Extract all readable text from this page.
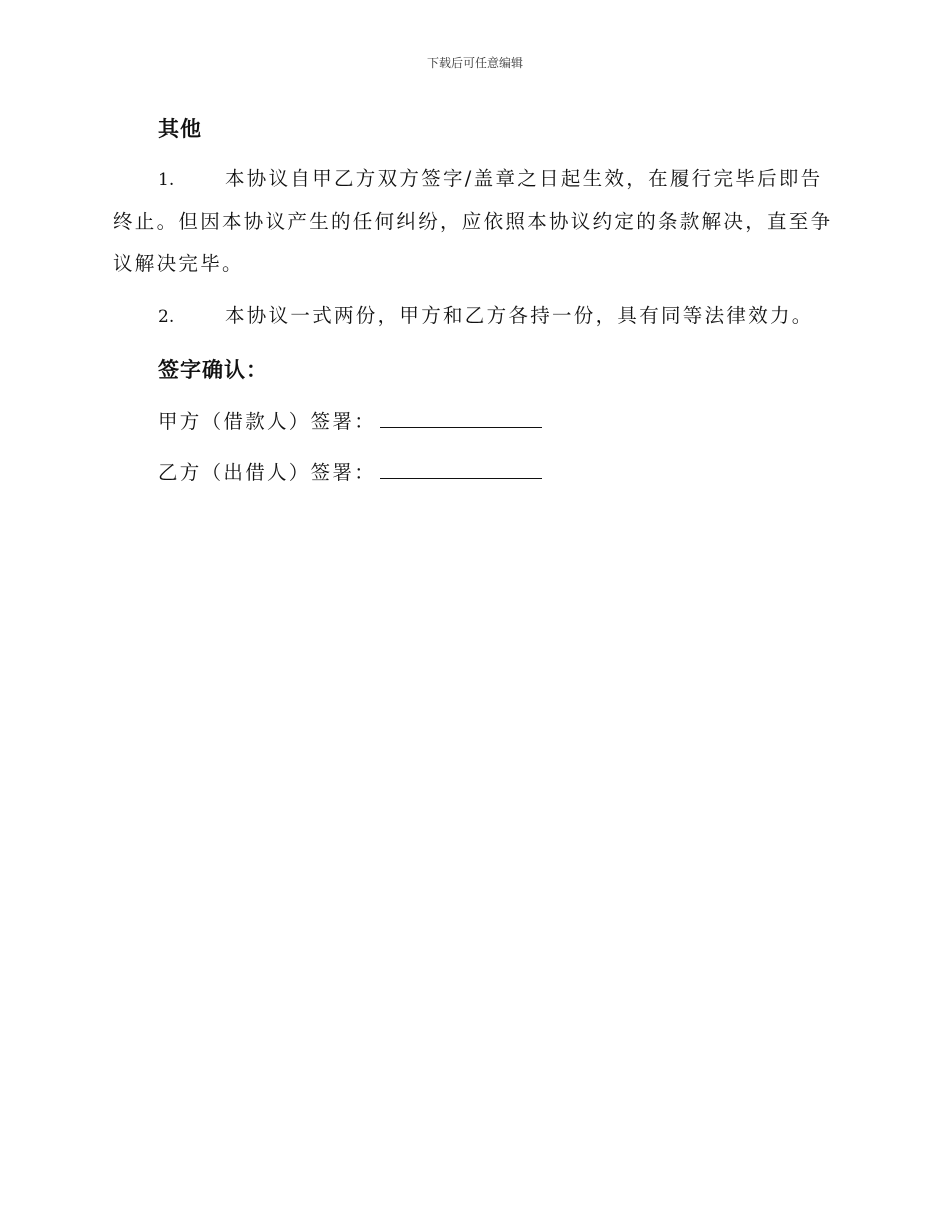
下载后可任意编辑
其他
1.	本协议自甲乙方双方签字/盖章之日起生效，在履行完毕后即告终止。但因本协议产生的任何纠纷，应依照本协议约定的条款解决，直至争议解决完毕。
2.	本协议一式两份，甲方和乙方各持一份，具有同等法律效力。
签字确认：
甲方（借款人）签署：
乙方（出借人）签署：
